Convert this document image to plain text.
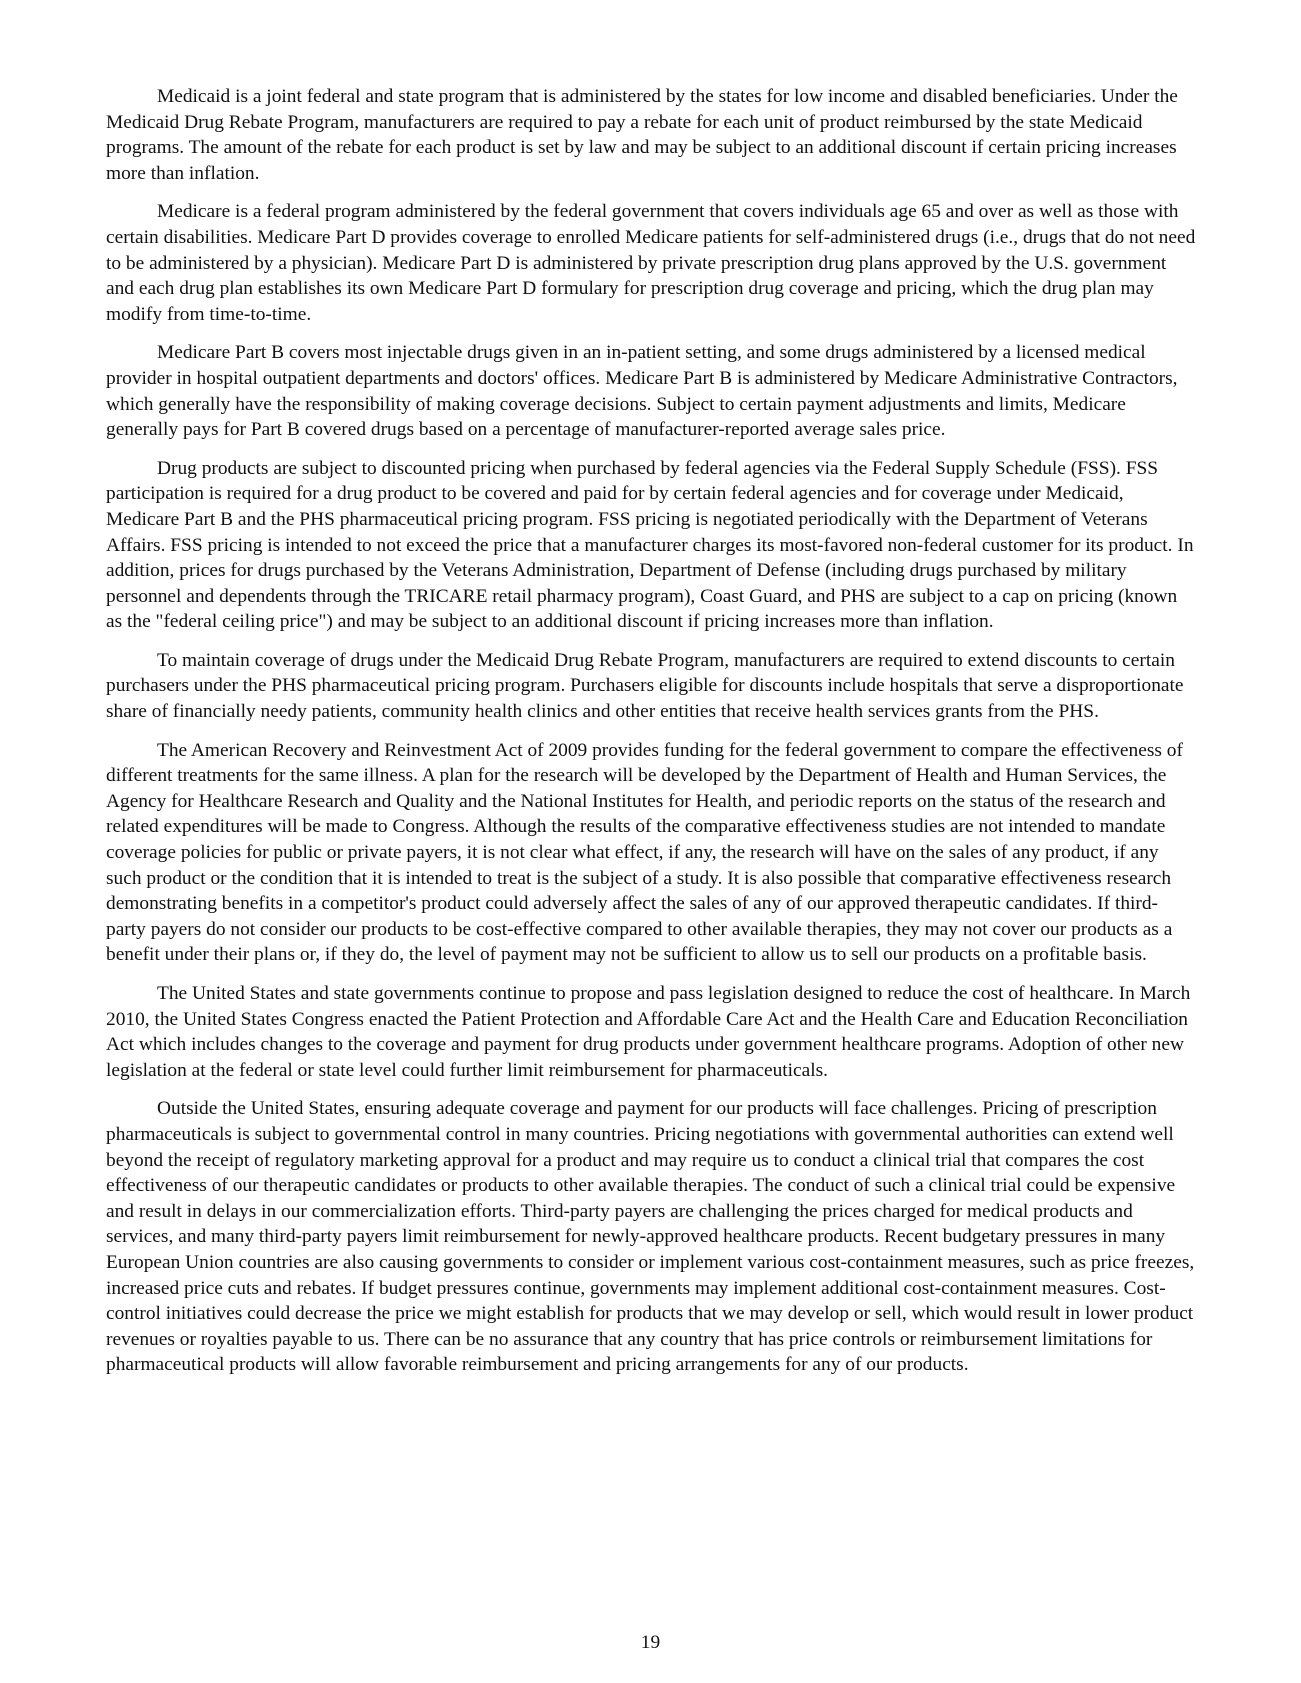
Medicaid is a joint federal and state program that is administered by the states for low income and disabled beneficiaries. Under the Medicaid Drug Rebate Program, manufacturers are required to pay a rebate for each unit of product reimbursed by the state Medicaid programs. The amount of the rebate for each product is set by law and may be subject to an additional discount if certain pricing increases more than inflation.

Medicare is a federal program administered by the federal government that covers individuals age 65 and over as well as those with certain disabilities. Medicare Part D provides coverage to enrolled Medicare patients for self-administered drugs (i.e., drugs that do not need to be administered by a physician). Medicare Part D is administered by private prescription drug plans approved by the U.S. government and each drug plan establishes its own Medicare Part D formulary for prescription drug coverage and pricing, which the drug plan may modify from time-to-time.

Medicare Part B covers most injectable drugs given in an in-patient setting, and some drugs administered by a licensed medical provider in hospital outpatient departments and doctors' offices. Medicare Part B is administered by Medicare Administrative Contractors, which generally have the responsibility of making coverage decisions. Subject to certain payment adjustments and limits, Medicare generally pays for Part B covered drugs based on a percentage of manufacturer-reported average sales price.

Drug products are subject to discounted pricing when purchased by federal agencies via the Federal Supply Schedule (FSS). FSS participation is required for a drug product to be covered and paid for by certain federal agencies and for coverage under Medicaid, Medicare Part B and the PHS pharmaceutical pricing program. FSS pricing is negotiated periodically with the Department of Veterans Affairs. FSS pricing is intended to not exceed the price that a manufacturer charges its most-favored non-federal customer for its product. In addition, prices for drugs purchased by the Veterans Administration, Department of Defense (including drugs purchased by military personnel and dependents through the TRICARE retail pharmacy program), Coast Guard, and PHS are subject to a cap on pricing (known as the "federal ceiling price") and may be subject to an additional discount if pricing increases more than inflation.

To maintain coverage of drugs under the Medicaid Drug Rebate Program, manufacturers are required to extend discounts to certain purchasers under the PHS pharmaceutical pricing program. Purchasers eligible for discounts include hospitals that serve a disproportionate share of financially needy patients, community health clinics and other entities that receive health services grants from the PHS.

The American Recovery and Reinvestment Act of 2009 provides funding for the federal government to compare the effectiveness of different treatments for the same illness. A plan for the research will be developed by the Department of Health and Human Services, the Agency for Healthcare Research and Quality and the National Institutes for Health, and periodic reports on the status of the research and related expenditures will be made to Congress. Although the results of the comparative effectiveness studies are not intended to mandate coverage policies for public or private payers, it is not clear what effect, if any, the research will have on the sales of any product, if any such product or the condition that it is intended to treat is the subject of a study. It is also possible that comparative effectiveness research demonstrating benefits in a competitor's product could adversely affect the sales of any of our approved therapeutic candidates. If third-party payers do not consider our products to be cost-effective compared to other available therapies, they may not cover our products as a benefit under their plans or, if they do, the level of payment may not be sufficient to allow us to sell our products on a profitable basis.

The United States and state governments continue to propose and pass legislation designed to reduce the cost of healthcare. In March 2010, the United States Congress enacted the Patient Protection and Affordable Care Act and the Health Care and Education Reconciliation Act which includes changes to the coverage and payment for drug products under government healthcare programs. Adoption of other new legislation at the federal or state level could further limit reimbursement for pharmaceuticals.

Outside the United States, ensuring adequate coverage and payment for our products will face challenges. Pricing of prescription pharmaceuticals is subject to governmental control in many countries. Pricing negotiations with governmental authorities can extend well beyond the receipt of regulatory marketing approval for a product and may require us to conduct a clinical trial that compares the cost effectiveness of our therapeutic candidates or products to other available therapies. The conduct of such a clinical trial could be expensive and result in delays in our commercialization efforts. Third-party payers are challenging the prices charged for medical products and services, and many third-party payers limit reimbursement for newly-approved healthcare products. Recent budgetary pressures in many European Union countries are also causing governments to consider or implement various cost-containment measures, such as price freezes, increased price cuts and rebates. If budget pressures continue, governments may implement additional cost-containment measures. Cost-control initiatives could decrease the price we might establish for products that we may develop or sell, which would result in lower product revenues or royalties payable to us. There can be no assurance that any country that has price controls or reimbursement limitations for pharmaceutical products will allow favorable reimbursement and pricing arrangements for any of our products.

19
